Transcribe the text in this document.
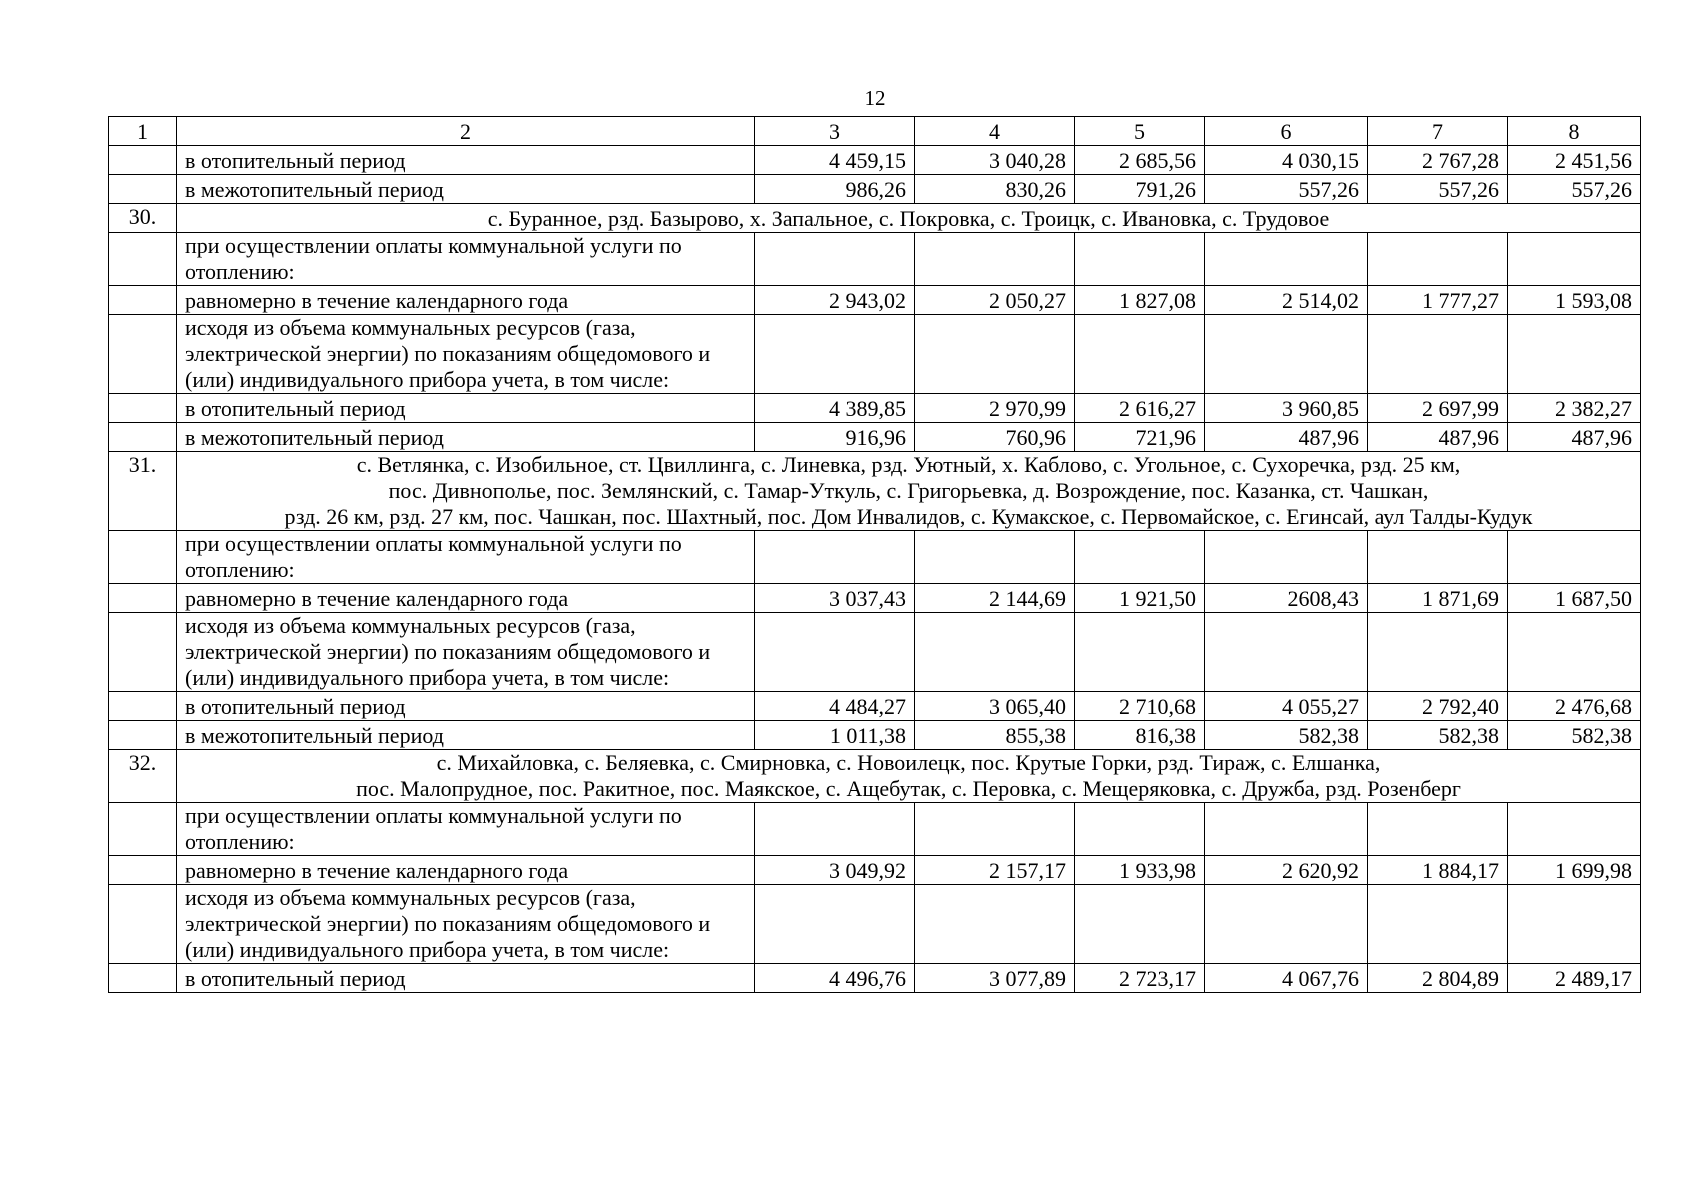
12
1	2	3	4	5	6	7	8
	в отопительный период	4 459,15	3 040,28	2 685,56	4 030,15	2 767,28	2 451,56
	в межотопительный период	986,26	830,26	791,26	557,26	557,26	557,26
30.	с. Буранное, рзд. Базырово, х. Запальное, с. Покровка, с. Троицк, с. Ивановка, с. Трудовое						

	при осуществлении оплаты коммунальной услуги по отоплению:						
	равномерно в течение календарного года	2 943,02	2 050,27	1 827,08	2 514,02	1 777,27	1 593,08
	исходя из объема коммунальных ресурсов (газа, электрической энергии) по показаниям общедомового и (или) индивидуального прибора учета, в том числе:						
	в отопительный период	4 389,85	2 970,99	2 616,27	3 960,85	2 697,99	2 382,27
	в межотопительный период	916,96	760,96	721,96	487,96	487,96	487,96
31.	с. Ветлянка, с. Изобильное, ст. Цвиллинга, с. Линевка, рзд. Уютный, х. Каблово, с. Угольное, с. Сухоречка, рзд. 25 км,
пос. Дивнополье, пос. Землянский, с. Тамар-Уткуль, с. Григорьевка, д. Возрождение, пос. Казанка, ст. Чашкан,
рзд. 26 км, рзд. 27 км, пос. Чашкан, пос. Шахтный, пос. Дом Инвалидов, с. Кумакское, с. Первомайское, с. Егинсай, аул Талды-Кудук						

	при осуществлении оплаты коммунальной услуги по отоплению:						
	равномерно в течение календарного года	3 037,43	2 144,69	1 921,50	2608,43	1 871,69	1 687,50
	исходя из объема коммунальных ресурсов (газа, электрической энергии) по показаниям общедомового и (или) индивидуального прибора учета, в том числе:						
	в отопительный период	4 484,27	3 065,40	2 710,68	4 055,27	2 792,40	2 476,68
	в межотопительный период	1 011,38	855,38	816,38	582,38	582,38	582,38
32.	с. Михайловка, с. Беляевка, с. Смирновка, с. Новоилецк, пос. Крутые Горки, рзд. Тираж, с. Елшанка,
пос. Малопрудное, пос. Ракитное, пос. Маякское, с. Ащебутак, с. Перовка, с. Мещеряковка, с. Дружба, рзд. Розенберг						

	при осуществлении оплаты коммунальной услуги по отоплению:						
	равномерно в течение календарного года	3 049,92	2 157,17	1 933,98	2 620,92	1 884,17	1 699,98
	исходя из объема коммунальных ресурсов (газа, электрической энергии) по показаниям общедомового и (или) индивидуального прибора учета, в том числе:						
	в отопительный период	4 496,76	3 077,89	2 723,17	4 067,76	2 804,89	2 489,17
